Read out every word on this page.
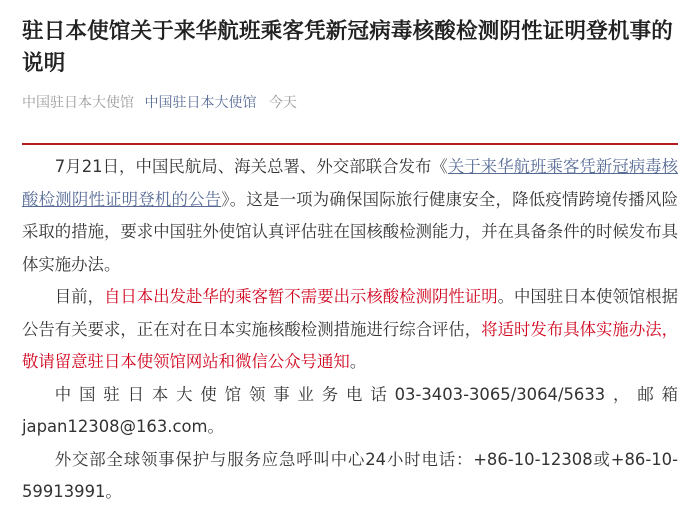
驻日本使馆关于来华航班乘客凭新冠病毒核酸检测阴性证明登机事的说明
中国驻日本大使馆 中国驻日本大使馆 今天

7月21日，中国民航局、海关总署、外交部联合发布《关于来华航班乘客凭新冠病毒核酸检测阴性证明登机的公告》。这是一项为确保国际旅行健康安全，降低疫情跨境传播风险采取的措施，要求中国驻外使馆认真评估驻在国核酸检测能力，并在具备条件的时候发布具体实施办法。

目前，自日本出发赴华的乘客暂不需要出示核酸检测阴性证明。中国驻日本使领馆根据公告有关要求，正在对在日本实施核酸检测措施进行综合评估，将适时发布具体实施办法，敬请留意驻日本使领馆网站和微信公众号通知。

中国驻日本大使馆领事业务电话03-3403-3065/3064/5633，邮箱japan12308@163.com。

外交部全球领事保护与服务应急呼叫中心24小时电话：+86-10-12308或+86-10-59913991。
